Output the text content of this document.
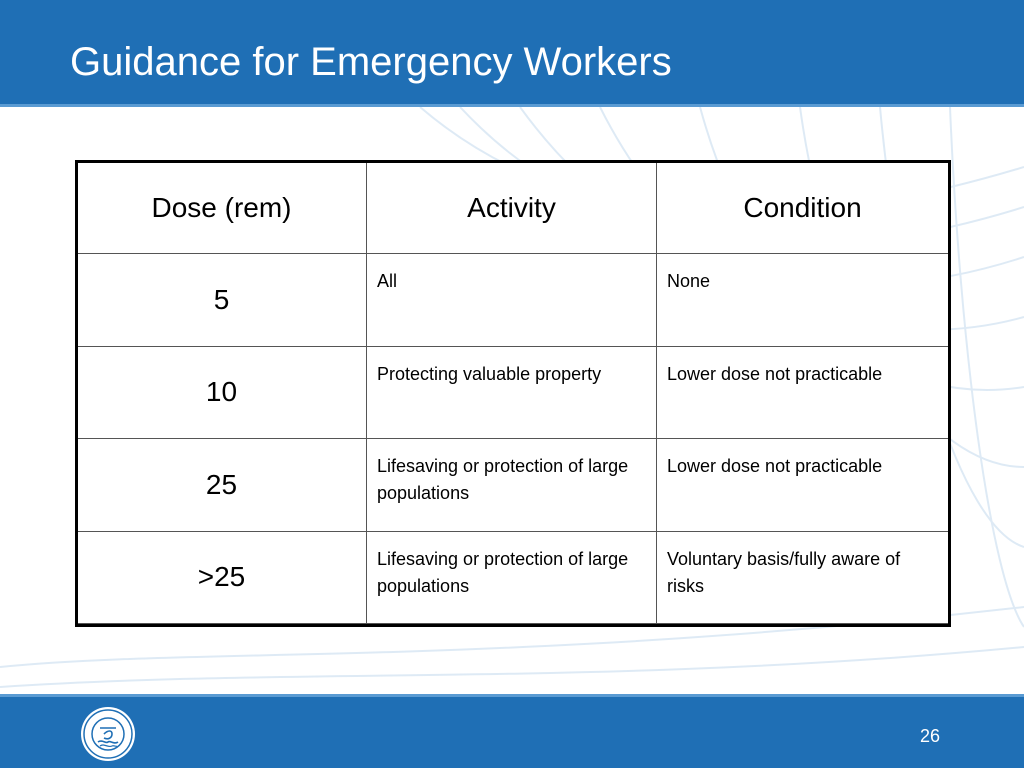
Guidance for Emergency Workers
Dose (rem)	Activity	Condition
5	All	None
10	Protecting valuable property	Lower dose not practicable
25	Lifesaving or protection of large populations	Lower dose not practicable
>25	Lifesaving or protection of large populations	Voluntary basis/fully aware of risks
26
